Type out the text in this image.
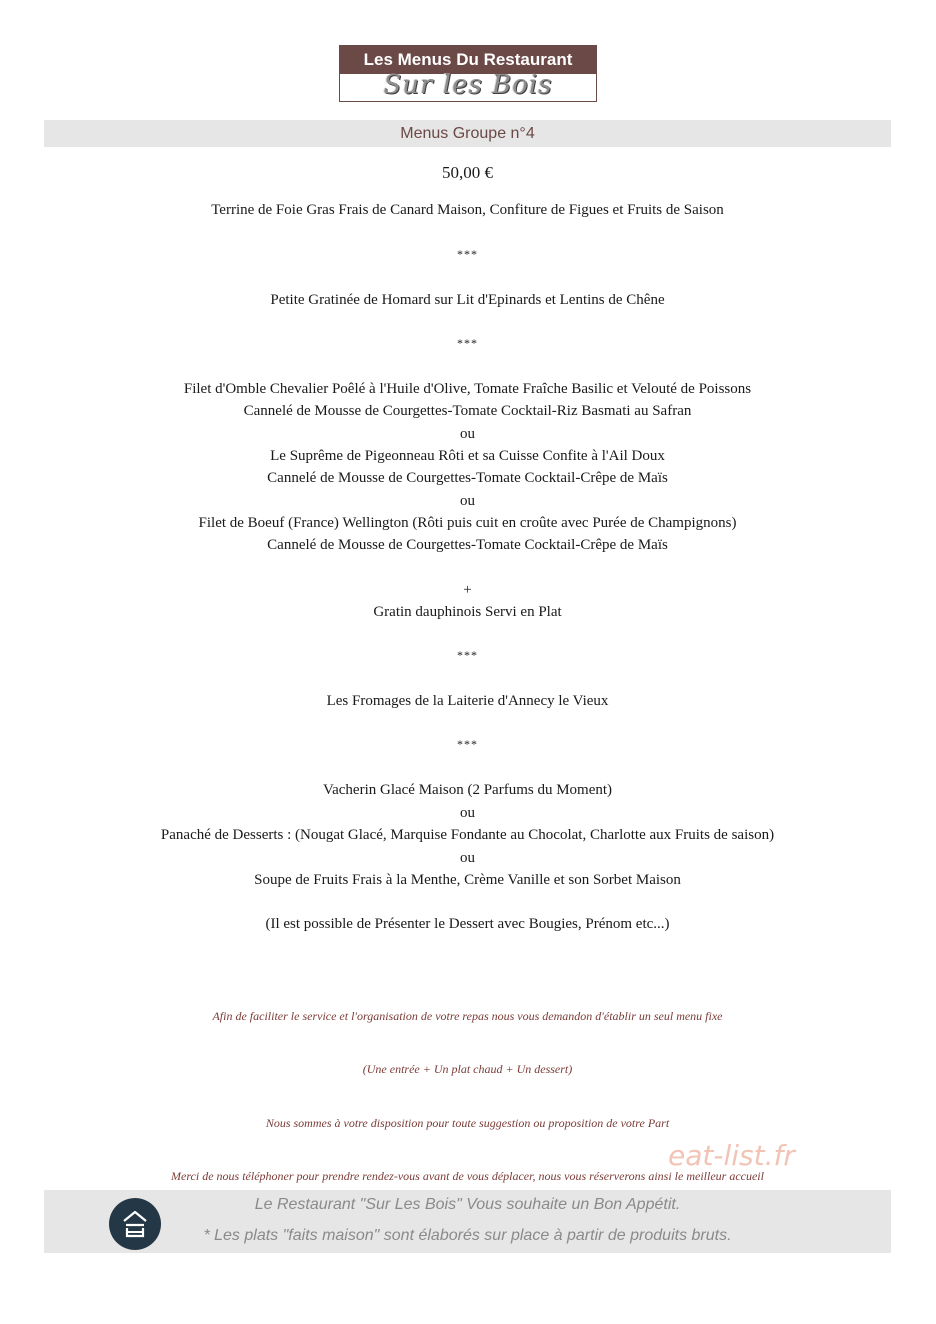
Les Menus Du Restaurant
Sur les Bois
Menus Groupe n°4
50,00 €
Terrine de Foie Gras Frais de Canard Maison, Confiture de Figues et Fruits de Saison
***
Petite Gratinée de Homard sur Lit d'Epinards et Lentins de Chêne
***
Filet d'Omble Chevalier Poêlé à l'Huile d'Olive, Tomate Fraîche Basilic et Velouté de Poissons
Cannelé de Mousse de Courgettes-Tomate Cocktail-Riz Basmati au Safran
ou
Le Suprême de Pigeonneau Rôti et sa Cuisse Confite à l'Ail Doux
Cannelé de Mousse de Courgettes-Tomate Cocktail-Crêpe de Maïs
ou
Filet de Boeuf (France) Wellington (Rôti puis cuit en croûte avec Purée de Champignons)
Cannelé de Mousse de Courgettes-Tomate Cocktail-Crêpe de Maïs
+
Gratin dauphinois Servi en Plat
***
Les Fromages de la Laiterie d'Annecy le Vieux
***
Vacherin Glacé Maison (2 Parfums du Moment)
ou
Panaché de Desserts : (Nougat Glacé, Marquise Fondante au Chocolat, Charlotte aux Fruits de saison)
ou
Soupe de Fruits Frais à la Menthe, Crème Vanille et son Sorbet Maison
(Il est possible de Présenter le Dessert avec Bougies, Prénom etc...)
Afin de faciliter le service et l'organisation de votre repas nous vous demandon d'établir un seul menu fixe
(Une entrée + Un plat chaud + Un dessert)
Nous sommes à votre disposition pour toute suggestion ou proposition de votre Part
Merci de nous téléphoner pour prendre rendez-vous avant de vous déplacer, nous vous réserverons ainsi le meilleur accueil
eat-list.fr
Le Restaurant "Sur Les Bois" Vous souhaite un Bon Appétit.
* Les plats "faits maison" sont élaborés sur place à partir de produits bruts.
